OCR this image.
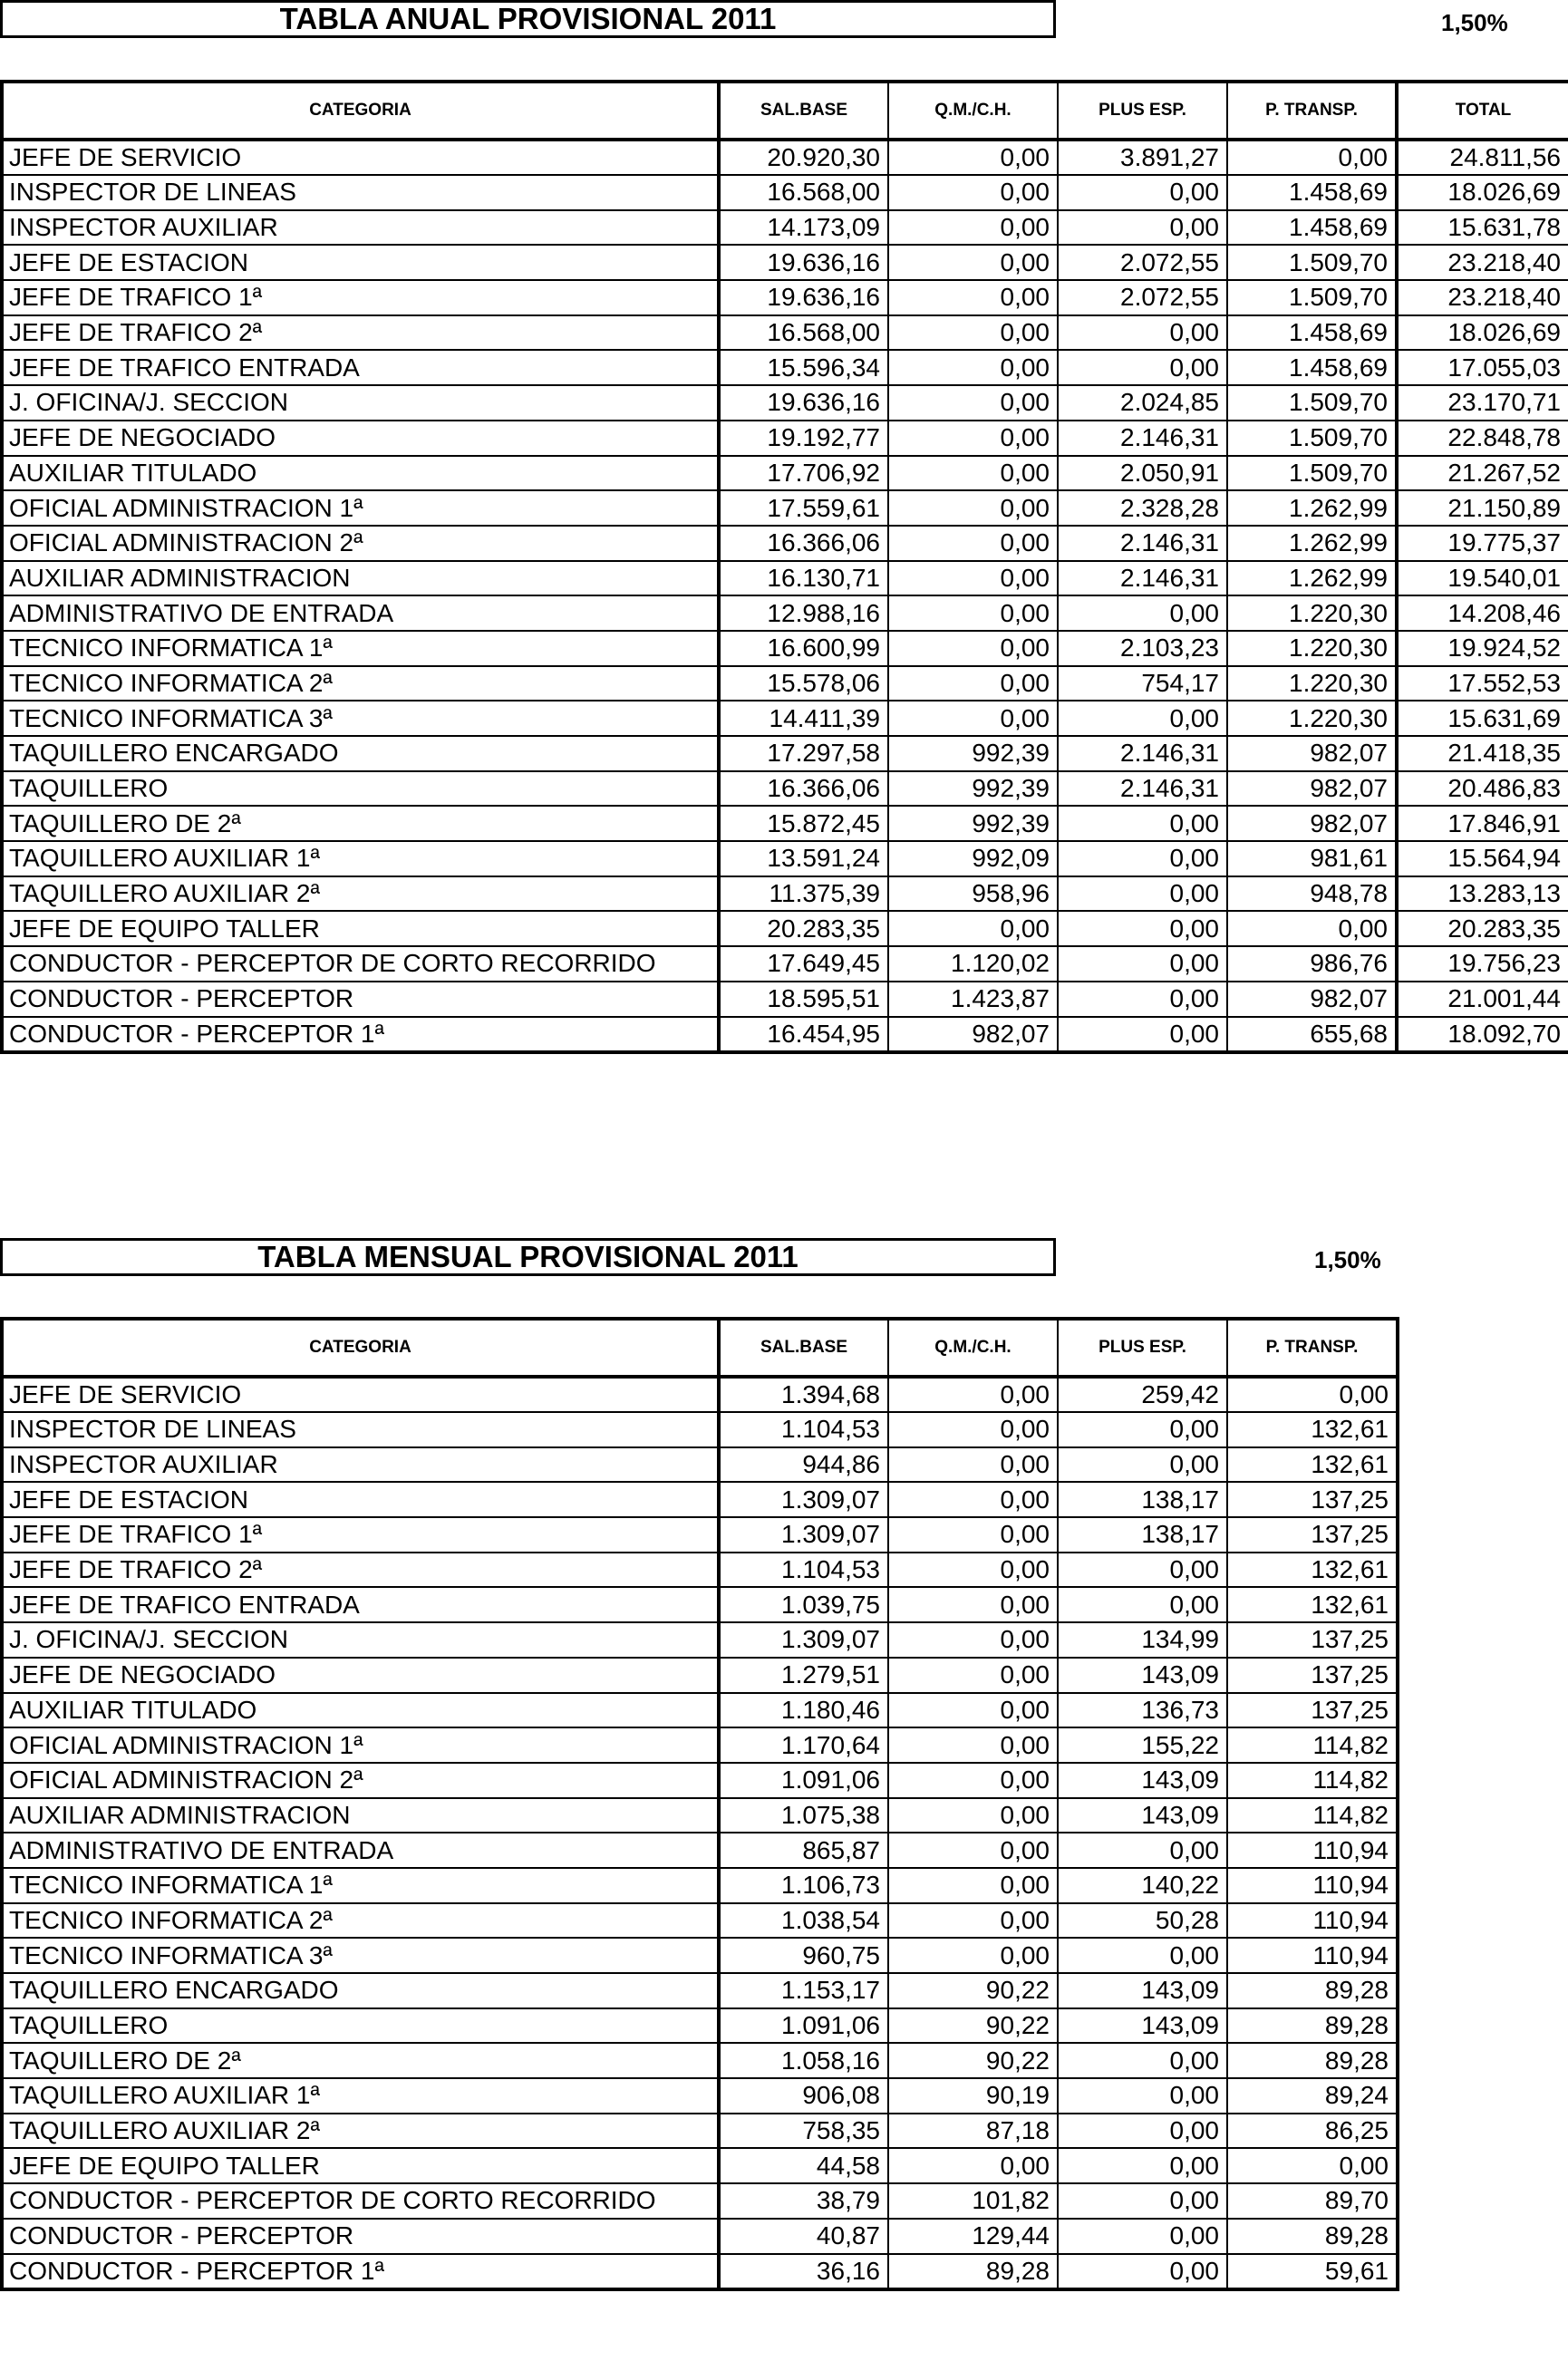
TABLA ANUAL PROVISIONAL 2011	1,50%
CATEGORIA	SAL.BASE	Q.M./C.H.	PLUS ESP.	P. TRANSP.	TOTAL
JEFE DE SERVICIO	20.920,30	0,00	3.891,27	0,00	24.811,56
INSPECTOR DE LINEAS	16.568,00	0,00	0,00	1.458,69	18.026,69
INSPECTOR AUXILIAR	14.173,09	0,00	0,00	1.458,69	15.631,78
JEFE DE ESTACION	19.636,16	0,00	2.072,55	1.509,70	23.218,40
JEFE DE TRAFICO 1ª	19.636,16	0,00	2.072,55	1.509,70	23.218,40
JEFE DE TRAFICO 2ª	16.568,00	0,00	0,00	1.458,69	18.026,69
JEFE DE TRAFICO ENTRADA	15.596,34	0,00	0,00	1.458,69	17.055,03
J. OFICINA/J. SECCION	19.636,16	0,00	2.024,85	1.509,70	23.170,71
JEFE DE NEGOCIADO	19.192,77	0,00	2.146,31	1.509,70	22.848,78
AUXILIAR TITULADO	17.706,92	0,00	2.050,91	1.509,70	21.267,52
OFICIAL ADMINISTRACION 1ª	17.559,61	0,00	2.328,28	1.262,99	21.150,89
OFICIAL ADMINISTRACION 2ª	16.366,06	0,00	2.146,31	1.262,99	19.775,37
AUXILIAR ADMINISTRACION	16.130,71	0,00	2.146,31	1.262,99	19.540,01
ADMINISTRATIVO DE ENTRADA	12.988,16	0,00	0,00	1.220,30	14.208,46
TECNICO INFORMATICA 1ª	16.600,99	0,00	2.103,23	1.220,30	19.924,52
TECNICO INFORMATICA 2ª	15.578,06	0,00	754,17	1.220,30	17.552,53
TECNICO INFORMATICA 3ª	14.411,39	0,00	0,00	1.220,30	15.631,69
TAQUILLERO ENCARGADO	17.297,58	992,39	2.146,31	982,07	21.418,35
TAQUILLERO	16.366,06	992,39	2.146,31	982,07	20.486,83
TAQUILLERO DE 2ª	15.872,45	992,39	0,00	982,07	17.846,91
TAQUILLERO AUXILIAR 1ª	13.591,24	992,09	0,00	981,61	15.564,94
TAQUILLERO AUXILIAR 2ª	11.375,39	958,96	0,00	948,78	13.283,13
JEFE DE EQUIPO TALLER	20.283,35	0,00	0,00	0,00	20.283,35
CONDUCTOR - PERCEPTOR DE CORTO RECORRIDO	17.649,45	1.120,02	0,00	986,76	19.756,23
CONDUCTOR - PERCEPTOR	18.595,51	1.423,87	0,00	982,07	21.001,44
CONDUCTOR - PERCEPTOR 1ª	16.454,95	982,07	0,00	655,68	18.092,70
TABLA MENSUAL PROVISIONAL 2011	1,50%
CATEGORIA	SAL.BASE	Q.M./C.H.	PLUS ESP.	P. TRANSP.
JEFE DE SERVICIO	1.394,68	0,00	259,42	0,00
INSPECTOR DE LINEAS	1.104,53	0,00	0,00	132,61
INSPECTOR AUXILIAR	944,86	0,00	0,00	132,61
JEFE DE ESTACION	1.309,07	0,00	138,17	137,25
JEFE DE TRAFICO 1ª	1.309,07	0,00	138,17	137,25
JEFE DE TRAFICO 2ª	1.104,53	0,00	0,00	132,61
JEFE DE TRAFICO ENTRADA	1.039,75	0,00	0,00	132,61
J. OFICINA/J. SECCION	1.309,07	0,00	134,99	137,25
JEFE DE NEGOCIADO	1.279,51	0,00	143,09	137,25
AUXILIAR TITULADO	1.180,46	0,00	136,73	137,25
OFICIAL ADMINISTRACION 1ª	1.170,64	0,00	155,22	114,82
OFICIAL ADMINISTRACION 2ª	1.091,06	0,00	143,09	114,82
AUXILIAR ADMINISTRACION	1.075,38	0,00	143,09	114,82
ADMINISTRATIVO DE ENTRADA	865,87	0,00	0,00	110,94
TECNICO INFORMATICA 1ª	1.106,73	0,00	140,22	110,94
TECNICO INFORMATICA 2ª	1.038,54	0,00	50,28	110,94
TECNICO INFORMATICA 3ª	960,75	0,00	0,00	110,94
TAQUILLERO ENCARGADO	1.153,17	90,22	143,09	89,28
TAQUILLERO	1.091,06	90,22	143,09	89,28
TAQUILLERO DE 2ª	1.058,16	90,22	0,00	89,28
TAQUILLERO AUXILIAR 1ª	906,08	90,19	0,00	89,24
TAQUILLERO AUXILIAR 2ª	758,35	87,18	0,00	86,25
JEFE DE EQUIPO TALLER	44,58	0,00	0,00	0,00
CONDUCTOR - PERCEPTOR DE CORTO RECORRIDO	38,79	101,82	0,00	89,70
CONDUCTOR - PERCEPTOR	40,87	129,44	0,00	89,28
CONDUCTOR - PERCEPTOR 1ª	36,16	89,28	0,00	59,61
